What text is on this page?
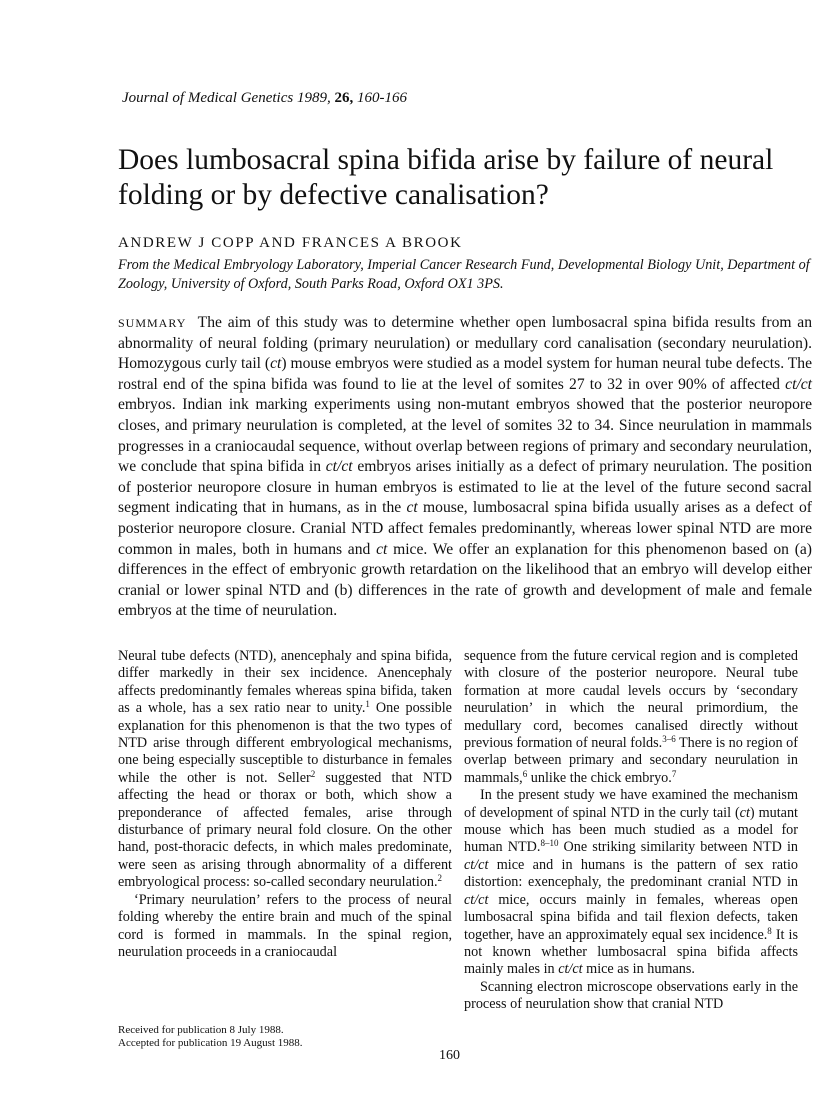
Journal of Medical Genetics 1989, 26, 160-166
Does lumbosacral spina bifida arise by failure of neural folding or by defective canalisation?
ANDREW J COPP AND FRANCES A BROOK
From the Medical Embryology Laboratory, Imperial Cancer Research Fund, Developmental Biology Unit, Department of Zoology, University of Oxford, South Parks Road, Oxford OX1 3PS.
SUMMARY The aim of this study was to determine whether open lumbosacral spina bifida results from an abnormality of neural folding (primary neurulation) or medullary cord canalisation (secondary neurulation). Homozygous curly tail (ct) mouse embryos were studied as a model system for human neural tube defects. The rostral end of the spina bifida was found to lie at the level of somites 27 to 32 in over 90% of affected ct/ct embryos. Indian ink marking experiments using non-mutant embryos showed that the posterior neuropore closes, and primary neurulation is completed, at the level of somites 32 to 34. Since neurulation in mammals progresses in a craniocaudal sequence, without overlap between regions of primary and secondary neurulation, we conclude that spina bifida in ct/ct embryos arises initially as a defect of primary neurulation. The position of posterior neuropore closure in human embryos is estimated to lie at the level of the future second sacral segment indicating that in humans, as in the ct mouse, lumbosacral spina bifida usually arises as a defect of posterior neuropore closure. Cranial NTD affect females predominantly, whereas lower spinal NTD are more common in males, both in humans and ct mice. We offer an explanation for this phenomenon based on (a) differences in the effect of embryonic growth retardation on the likelihood that an embryo will develop either cranial or lower spinal NTD and (b) differences in the rate of growth and development of male and female embryos at the time of neurulation.

Neural tube defects (NTD), anencephaly and spina bifida, differ markedly in their sex incidence. Anencephaly affects predominantly females whereas spina bifida, taken as a whole, has a sex ratio near to unity.$^1$ One possible explanation for this phenomenon is that the two types of NTD arise through different embryological mechanisms, one being especially susceptible to disturbance in females while the other is not. Seller$^2$ suggested that NTD affecting the head or thorax or both, which show a preponderance of affected females, arise through disturbance of primary neural fold closure. On the other hand, post-thoracic defects, in which males predominate, were seen as arising through abnormality of a different embryological process: so-called secondary neurulation.$^2$

‘Primary neurulation’ refers to the process of neural folding whereby the entire brain and much of the spinal cord is formed in mammals. In the spinal region, neurulation proceeds in a craniocaudal

sequence from the future cervical region and is completed with closure of the posterior neuropore. Neural tube formation at more caudal levels occurs by ‘secondary neurulation’ in which the neural primordium, the medullary cord, becomes canalised directly without previous formation of neural folds.$^{3-6}$ There is no region of overlap between primary and secondary neurulation in mammals,$^6$ unlike the chick embryo.$^7$

In the present study we have examined the mechanism of development of spinal NTD in the curly tail (ct) mutant mouse which has been much studied as a model for human NTD.$^{8-10}$ One striking similarity between NTD in ct/ct mice and in humans is the pattern of sex ratio distortion: exencephaly, the predominant cranial NTD in ct/ct mice, occurs mainly in females, whereas open lumbosacral spina bifida and tail flexion defects, taken together, have an approximately equal sex incidence.$^8$ It is not known whether lumbosacral spina bifida affects mainly males in ct/ct mice as in humans.

Scanning electron microscope observations early in the process of neurulation show that cranial NTD

Received for publication 8 July 1988.
Accepted for publication 19 August 1988.
160
